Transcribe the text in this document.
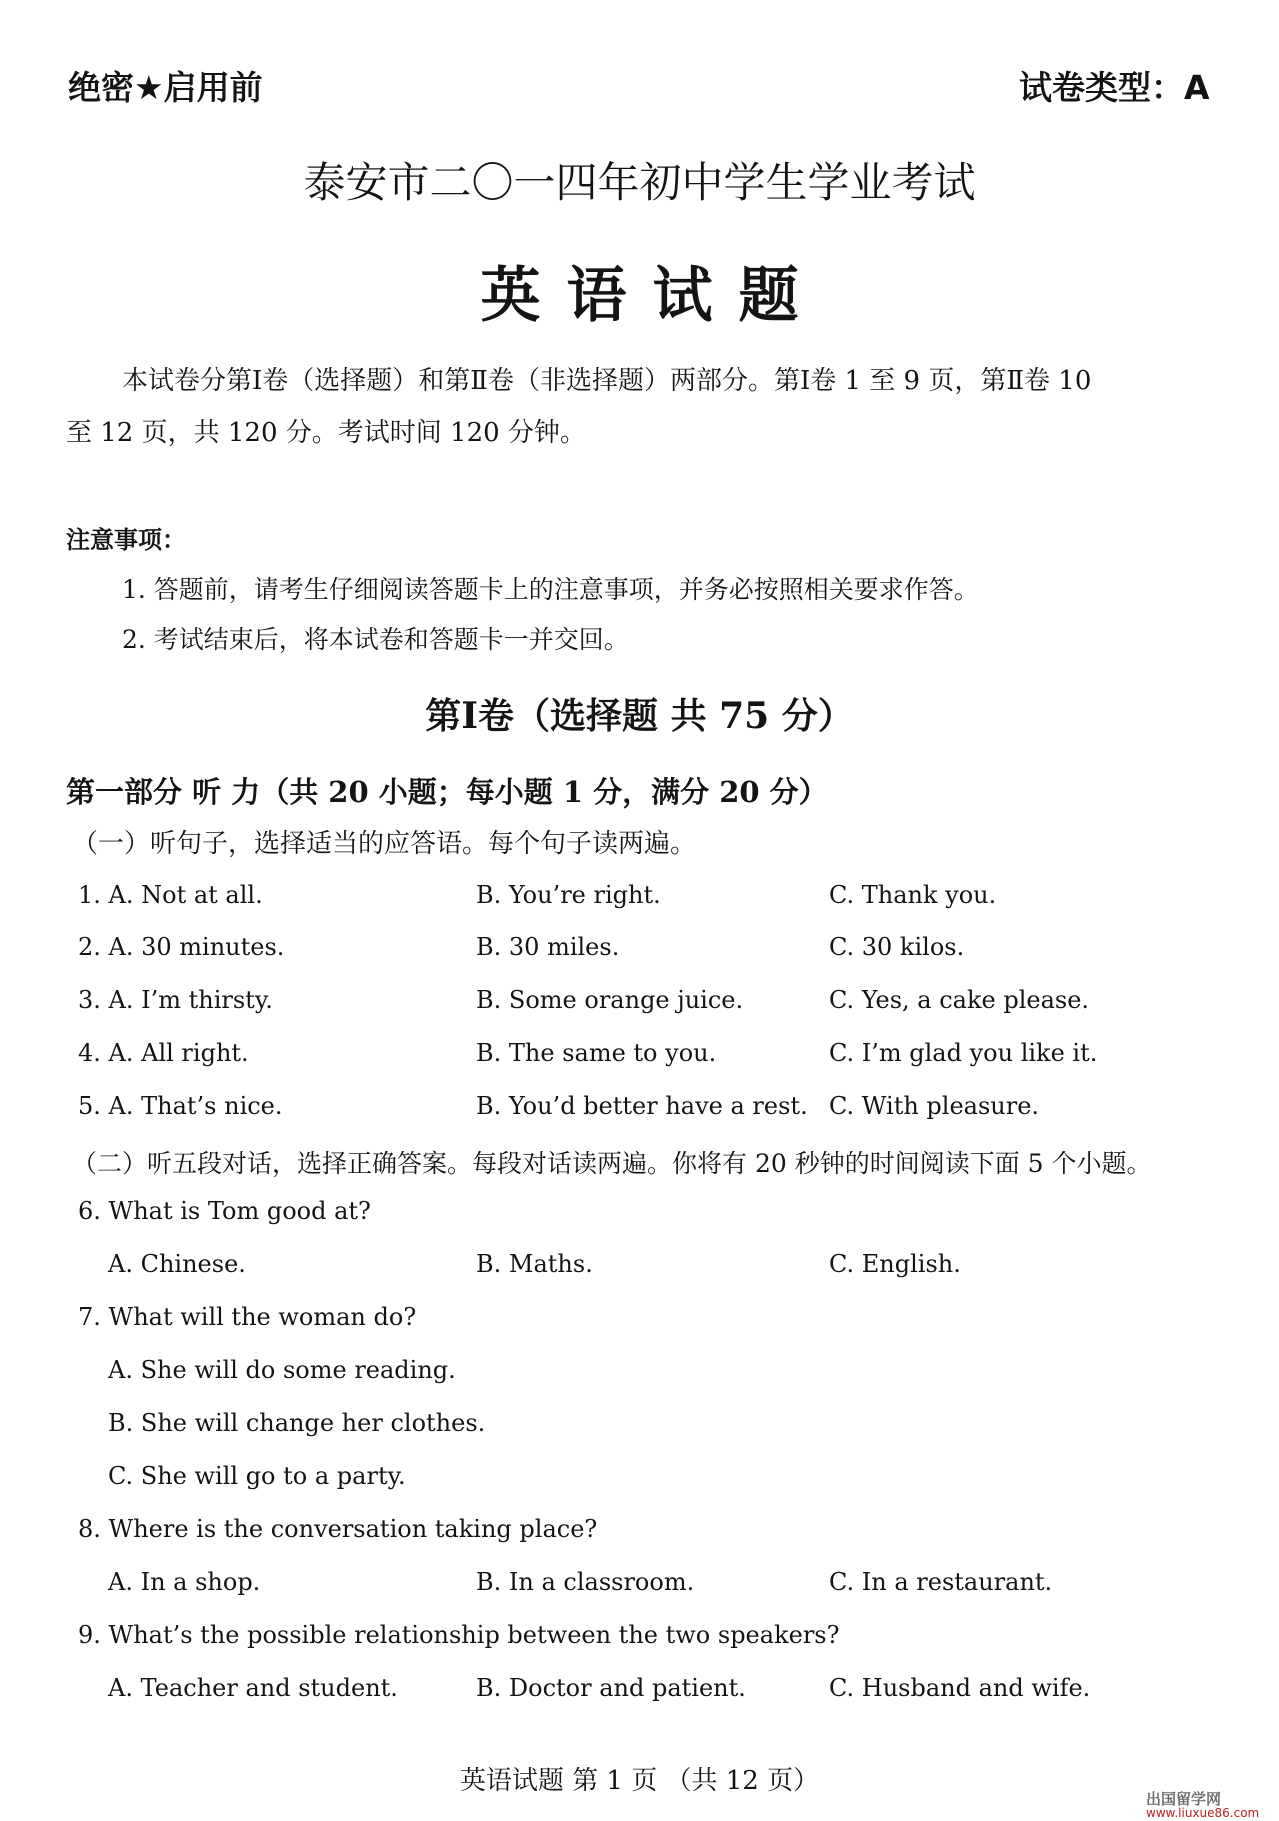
绝密★启用前	试卷类型：A
泰安市二〇一四年初中学生学业考试
英语试题
本试卷分第Ⅰ卷（选择题）和第Ⅱ卷（非选择题）两部分。第Ⅰ卷 1 至 9 页，第Ⅱ卷 10
至 12 页，共 120 分。考试时间 120 分钟。
注意事项：
1. 答题前，请考生仔细阅读答题卡上的注意事项，并务必按照相关要求作答。
2. 考试结束后，将本试卷和答题卡一并交回。
第Ⅰ卷（选择题 共 75 分）
第一部分 听 力（共 20 小题；每小题 1 分，满分 20 分）
（一）听句子，选择适当的应答语。每个句子读两遍。
1. A. Not at all.	B. You’re right.	C. Thank you.
2. A. 30 minutes.	B. 30 miles.	C. 30 kilos.
3. A. I’m thirsty.	B. Some orange juice.	C. Yes, a cake please.
4. A. All right.	B. The same to you.	C. I’m glad you like it.
5. A. That’s nice.	B. You’d better have a rest. C. With pleasure.
（二）听五段对话，选择正确答案。每段对话读两遍。你将有 20 秒钟的时间阅读下面 5 个小题。
6. What is Tom good at?
A. Chinese.	B. Maths.	C. English.
7. What will the woman do?
A. She will do some reading.
B. She will change her clothes.
C. She will go to a party.
8. Where is the conversation taking place?
A. In a shop.	B. In a classroom.	C. In a restaurant.
9. What’s the possible relationship between the two speakers?
A. Teacher and student.	B. Doctor and patient.	C. Husband and wife.
英语试题 第 1 页 （共 12 页）
出国留学网
www.liuxue86.com
